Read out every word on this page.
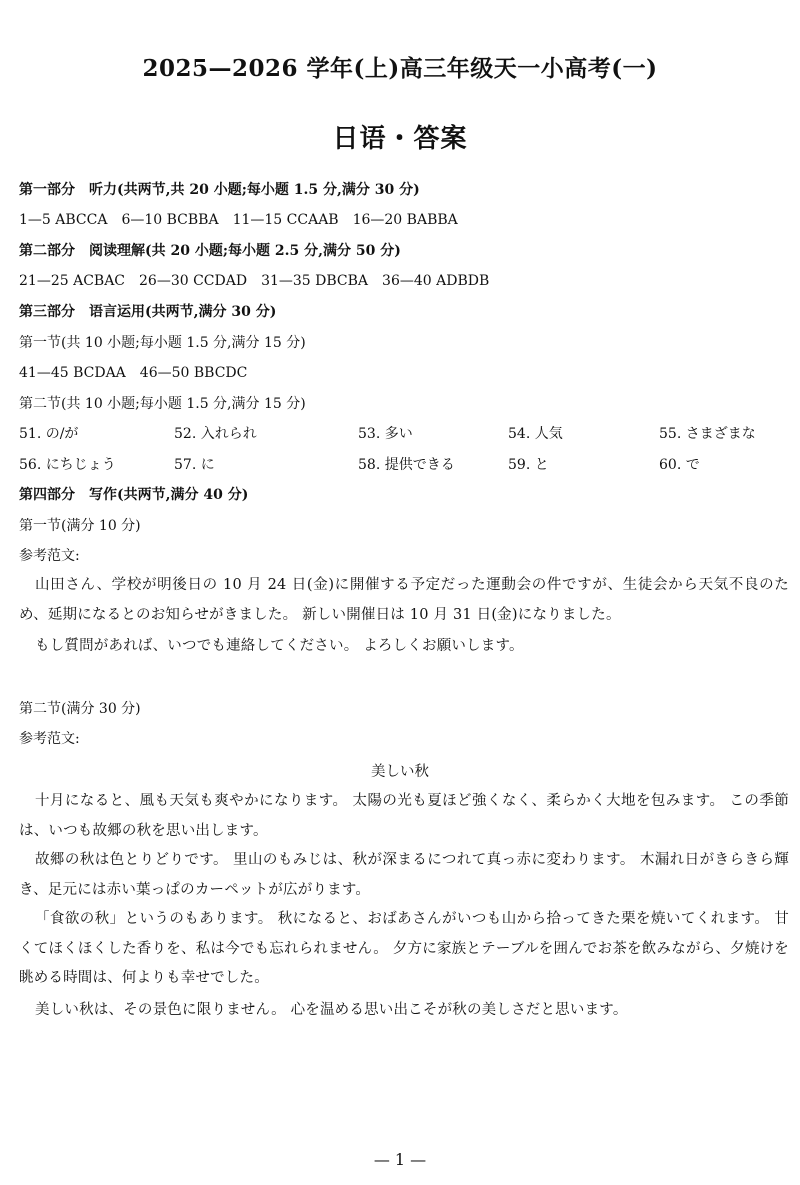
2025—2026 学年(上)高三年级天一小高考(一)
日语・答案
第一部分　听力(共两节,共 20 小题;每小题 1.5 分,满分 30 分)
1—5 ABCCA　6—10 BCBBA　11—15 CCAAB　16—20 BABBA
第二部分　阅读理解(共 20 小题;每小题 2.5 分,满分 50 分)
21—25 ACBAC　26—30 CCDAD　31—35 DBCBA　36—40 ADBDB
第三部分　语言运用(共两节,满分 30 分)
第一节(共 10 小题;每小题 1.5 分,满分 15 分)
41—45 BCDAA　46—50 BBCDC
第二节(共 10 小题;每小题 1.5 分,满分 15 分)
51. の/が	52. 入れられ	53. 多い	54. 人気	55. さまざまな
56. にちじょう	57. に	58. 提供できる	59. と	60. で
第四部分　写作(共两节,满分 40 分)
第一节(满分 10 分)
参考范文:
山田さん、学校が明後日の 10 月 24 日(金)に開催する予定だった運動会の件ですが、生徒会から天気不良のため、延期になるとのお知らせがきました。 新しい開催日は 10 月 31 日(金)になりました。
もし質問があれば、いつでも連絡してください。 よろしくお願いします。
第二节(满分 30 分)
参考范文:
美しい秋
十月になると、風も天気も爽やかになります。 太陽の光も夏ほど強くなく、柔らかく大地を包みます。 この季節は、いつも故郷の秋を思い出します。
故郷の秋は色とりどりです。 里山のもみじは、秋が深まるにつれて真っ赤に変わります。 木漏れ日がきらきら輝き、足元には赤い葉っぱのカーペットが広がります。
「食欲の秋」というのもあります。 秋になると、おばあさんがいつも山から拾ってきた栗を焼いてくれます。 甘くてほくほくした香りを、私は今でも忘れられません。 夕方に家族とテーブルを囲んでお茶を飲みながら、夕焼けを眺める時間は、何よりも幸せでした。
美しい秋は、その景色に限りません。 心を温める思い出こそが秋の美しさだと思います。
— 1 —
